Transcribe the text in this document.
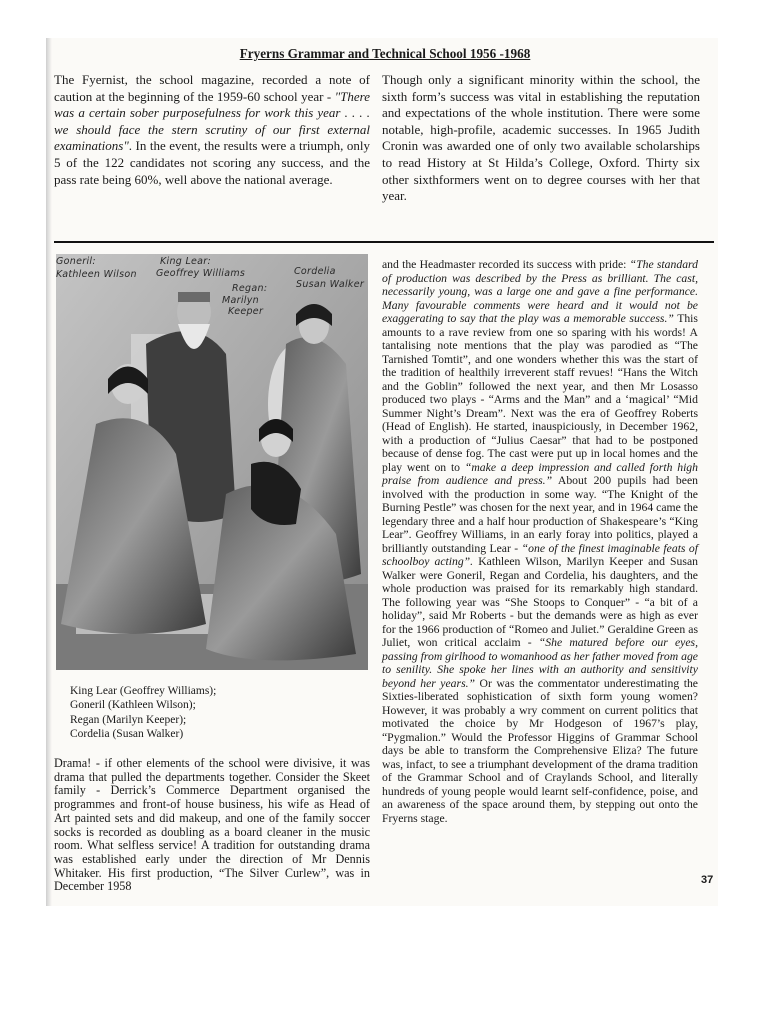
Fryerns Grammar and Technical School 1956 -1968

The Fyernist, the school magazine, recorded a note of caution at the beginning of the 1959-60 school year - "There was a certain sober purposefulness for work this year . . . . we should face the stern scrutiny of our first external examinations". In the event, the results were a triumph, only 5 of the 122 candidates not scoring any success, and the pass rate being 60%, well above the national average.

Though only a significant minority within the school, the sixth form’s success was vital in establishing the reputation and expectations of the whole institution. There were some notable, high-profile, academic successes. In 1965 Judith Cronin was awarded one of only two available scholarships to read History at St Hilda’s College, Oxford. Thirty six other sixthformers went on to degree courses with her that year.

Goneril:
Kathleen Wilson
King Lear:
Geoffrey Williams	Cordelia
Susan Walker
Regan:
Marilyn
Keeper
King Lear (Geoffrey Williams);
Goneril (Kathleen Wilson);
Regan (Marilyn Keeper);
Cordelia (Susan Walker)

Drama! - if other elements of the school were divisive, it was drama that pulled the departments together. Consider the Skeet family - Derrick’s Commerce Department organised the programmes and front-of house business, his wife as Head of Art painted sets and did makeup, and one of the family soccer socks is recorded as doubling as a board cleaner in the music room. What selfless service! A tradition for outstanding drama was established early under the direction of Mr Dennis Whitaker. His first production, “The Silver Curlew”, was in December 1958

and the Headmaster recorded its success with pride: “The standard of production was described by the Press as brilliant. The cast, necessarily young, was a large one and gave a fine performance. Many favourable comments were heard and it would not be exaggerating to say that the play was a memorable success.” This amounts to a rave review from one so sparing with his words! A tantalising note mentions that the play was parodied as “The Tarnished Tomtit”, and one wonders whether this was the start of the tradition of healthily irreverent staff revues! “Hans the Witch and the Goblin” followed the next year, and then Mr Losasso produced two plays - “Arms and the Man” and a ‘magical’ “Mid Summer Night’s Dream”. Next was the era of Geoffrey Roberts (Head of English). He started, inauspiciously, in December 1962, with a production of “Julius Caesar” that had to be postponed because of dense fog. The cast were put up in local homes and the play went on to “make a deep impression and called forth high praise from audience and press.” About 200 pupils had been involved with the production in some way. “The Knight of the Burning Pestle” was chosen for the next year, and in 1964 came the legendary three and a half hour production of Shakespeare’s “King Lear”. Geoffrey Williams, in an early foray into politics, played a brilliantly outstanding Lear - “one of the finest imaginable feats of schoolboy acting”. Kathleen Wilson, Marilyn Keeper and Susan Walker were Goneril, Regan and Cordelia, his daughters, and the whole production was praised for its remarkably high standard. The following year was “She Stoops to Conquer” - “a bit of a holiday”, said Mr Roberts - but the demands were as high as ever for the 1966 production of “Romeo and Juliet.” Geraldine Green as Juliet, won critical acclaim - “She matured before our eyes, passing from girlhood to womanhood as her father moved from age to senility. She spoke her lines with an authority and sensitivity beyond her years.” Or was the commentator underestimating the Sixties-liberated sophistication of sixth form young women? However, it was probably a wry comment on current politics that motivated the choice by Mr Hodgeson of 1967’s play, “Pygmalion.” Would the Professor Higgins of Grammar School days be able to transform the Comprehensive Eliza? The future was, infact, to see a triumphant development of the drama tradition of the Grammar School and of Craylands School, and literally hundreds of young people would learnt self-confidence, poise, and an awareness of the space around them, by stepping out onto the Fryerns stage.

37
